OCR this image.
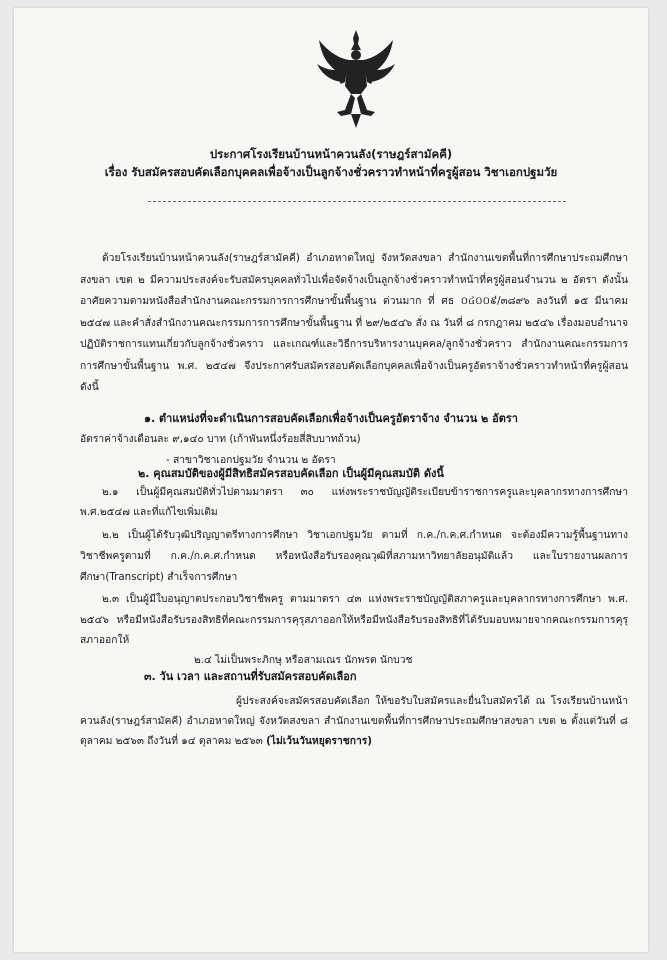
ประกาศโรงเรียนบ้านหน้าควนลัง(ราษฎร์สามัคคี)
เรื่อง รับสมัครสอบคัดเลือกบุคคลเพื่อจ้างเป็นลูกจ้างชั่วคราวทำหน้าที่ครูผู้สอน วิชาเอกปฐมวัย
ด้วยโรงเรียนบ้านหน้าควนลัง(ราษฎร์สามัคคี) อำเภอหาดใหญ่ จังหวัดสงขลา สำนักงานเขตพื้นที่การศึกษาประถมศึกษาสงขลา เขต ๒ มีความประสงค์จะรับสมัครบุคคลทั่วไปเพื่อจัดจ้างเป็นลูกจ้างชั่วคราวทำหน้าที่ครูผู้สอนจำนวน ๒ อัตรา ดังนั้น อาศัยความตามหนังสือสำนักงานคณะกรรมการการศึกษาขั้นพื้นฐาน ด่วนมาก ที่ ศธ ០៤០០៩/๓๘๙๖ ลงวันที่ ๑๕ มีนาคม ๒๕๔๗ และคำสั่งสำนักงานคณะกรรมการการศึกษาขั้นพื้นฐาน ที่ ๒๙/๒๕๔๖ สั่ง ณ วันที่ ๘ กรกฎาคม ๒๕๔๖ เรื่องมอบอำนาจปฏิบัติราชการแทนเกี่ยวกับลูกจ้างชั่วคราว และเกณฑ์และวิธีการบริหารงานบุคคล/ลูกจ้างชั่วคราว สำนักงานคณะกรรมการการศึกษาขั้นพื้นฐาน พ.ศ. ๒๕๔๗ จึงประกาศรับสมัครสอบคัดเลือกบุคคลเพื่อจ้างเป็นครูอัตราจ้างชั่วคราวทำหน้าที่ครูผู้สอน ดังนี้
๑. ตำแหน่งที่จะดำเนินการสอบคัดเลือกเพื่อจ้างเป็นครูอัตราจ้าง จำนวน ๒ อัตรา
อัตราค่าจ้างเดือนละ ๙,๑๔๐ บาท (เก้าพันหนึ่งร้อยสี่สิบบาทถ้วน)
- สาขาวิชาเอกปฐมวัย จำนวน ๒ อัตรา
๒. คุณสมบัติของผู้มีสิทธิสมัครสอบคัดเลือก เป็นผู้มีคุณสมบัติ ดังนี้
๒.๑ เป็นผู้มีคุณสมบัติทั่วไปตามมาตรา ๓๐ แห่งพระราชบัญญัติระเบียบข้าราชการครูและบุคลากรทางการศึกษา พ.ศ.๒๕๔๗ และที่แก้ไขเพิ่มเติม
๒.๒ เป็นผู้ได้รับวุฒิปริญญาตรีทางการศึกษา วิชาเอกปฐมวัย ตามที่ ก.ค./ก.ค.ศ.กำหนด จะต้องมีความรู้พื้นฐานทางวิชาชีพครูตามที่ ก.ค./ก.ค.ศ.กำหนด หรือหนังสือรับรองคุณวุฒิที่สภามหาวิทยาลัยอนุมัติแล้ว และใบรายงานผลการศึกษา(Transcript) สำเร็จการศึกษา
๒.๓ เป็นผู้มีใบอนุญาตประกอบวิชาชีพครู ตามมาตรา ๔๓ แห่งพระราชบัญญัติสภาครูและบุคลากรทางการศึกษา พ.ศ. ๒๕๔๖ หรือมีหนังสือรับรองสิทธิที่คณะกรรมการคุรุสภาออกให้หรือมีหนังสือรับรองสิทธิที่ได้รับมอบหมายจากคณะกรรมการคุรุสภาออกให้
๒.๔ ไม่เป็นพระภิกษุ หรือสามเณร นักพรต นักบวช
๓. วัน เวลา และสถานที่รับสมัครสอบคัดเลือก
ผู้ประสงค์จะสมัครสอบคัดเลือก ให้ขอรับใบสมัครและยื่นใบสมัครได้ ณ โรงเรียนบ้านหน้าควนลัง(ราษฎร์สามัคคี) อำเภอหาดใหญ่ จังหวัดสงขลา สำนักงานเขตพื้นที่การศึกษาประถมศึกษาสงขลา เขต ๒ ตั้งแต่วันที่ ๘ ตุลาคม ๒๕๖๓ ถึงวันที่ ๑๔ ตุลาคม ๒๕๖๓ (ไม่เว้นวันหยุดราชการ)
